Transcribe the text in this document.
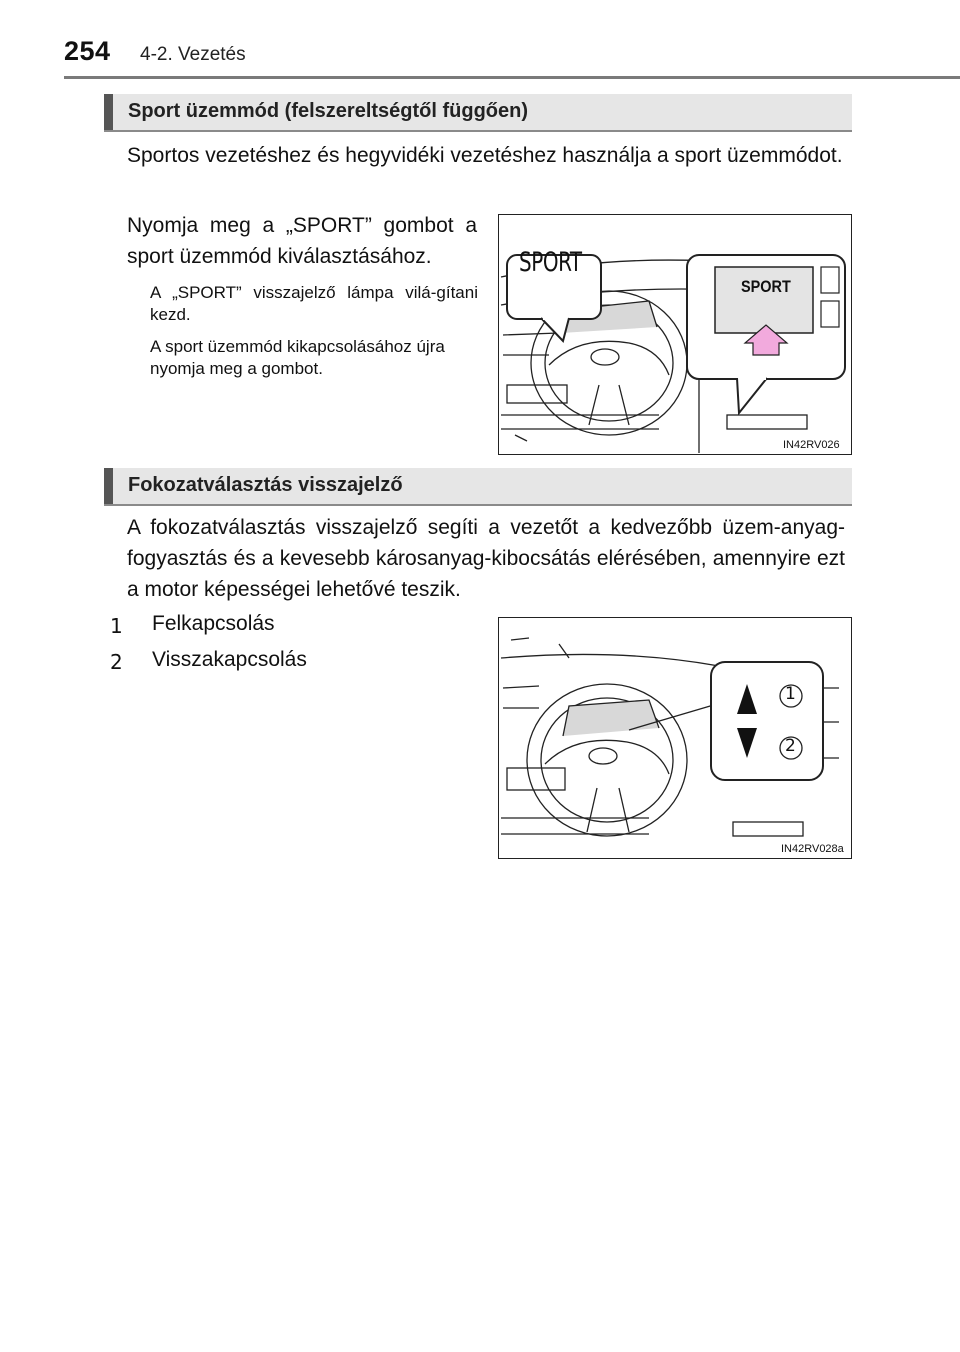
254 4-2. Vezetés
Sport üzemmód (felszereltségtől függően)
Sportos vezetéshez és hegyvidéki vezetéshez használja a sport üzemmódot.
Nyomja meg a „SPORT” gombot a sport üzemmód kiválasztásához.
A „SPORT” visszajelző lámpa vilá-gítani kezd.
A sport üzemmód kikapcsolásához újra nyomja meg a gombot.
SPORT
SPORT
IN42RV026
Fokozatválasztás visszajelző
A fokozatválasztás visszajelző segíti a vezetőt a kedvezőbb üzem-anyag-fogyasztás és a kevesebb károsanyag-kibocsátás elérésében, amennyire ezt a motor képességei lehetővé teszik.
1 Felkapcsolás
2 Visszakapcsolás
1
2
IN42RV028a
